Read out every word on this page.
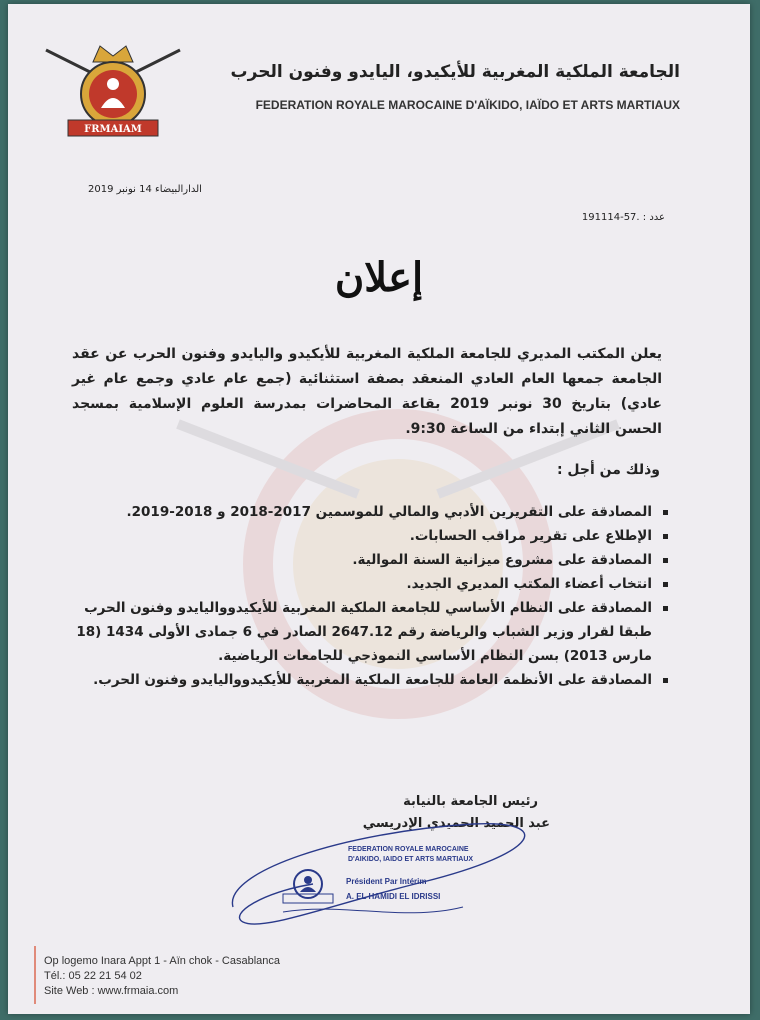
FRMAIAM
الجامعة الملكية المغربية للأيكيدو، اليايدو وفنون الحرب
FEDERATION ROYALE MAROCAINE D'AÏKIDO, IAÏDO ET ARTS MARTIAUX
الدارالبيضاء 14 نونبر 2019
عدد : 191114-57.
إعلان
يعلن المكتب المديري للجامعة الملكية المغربية للأيكيدو واليايدو وفنون الحرب عن عقد الجامعة جمعها العام العادي المنعقد بصفة استثنائية (جمع عام عادي وجمع عام غير عادي) بتاريخ 30 نونبر 2019 بقاعة المحاضرات بمدرسة العلوم الإسلامية بمسجد الحسن الثاني إبتداء من الساعة 9:30.
وذلك من أجل :
المصادقة على التقريرين الأدبي والمالي للموسمين 2017-2018 و 2018-2019.
الإطلاع على تقرير مراقب الحسابات.
المصادقة على مشروع ميزانية السنة الموالية.
انتخاب أعضاء المكتب المديري الجديد.
المصادقة على النظام الأساسي للجامعة الملكية المغربية للأيكيدوواليايدو وفنون الحرب طبقا لقرار وزير الشباب والرياضة رقم 2647.12 الصادر في 6 جمادى الأولى 1434 (18 مارس 2013) بسن النظام الأساسي النموذجي للجامعات الرياضية.
المصادقة على الأنظمة العامة للجامعة الملكية المغربية للأيكيدوواليايدو وفنون الحرب.
رئيس الجامعة بالنيابة
عبد الحميد الحميدي الإدريسي
FEDERATION ROYALE MAROCAINE
D'AIKIDO, IAIDO ET ARTS MARTIAUX
Président Par Intérim
A. EL HAMIDI EL IDRISSI
Op logemo Inara Appt 1 - Aïn chok - Casablanca
Tél.: 05 22 21 54 02
Site Web : www.frmaia.com
